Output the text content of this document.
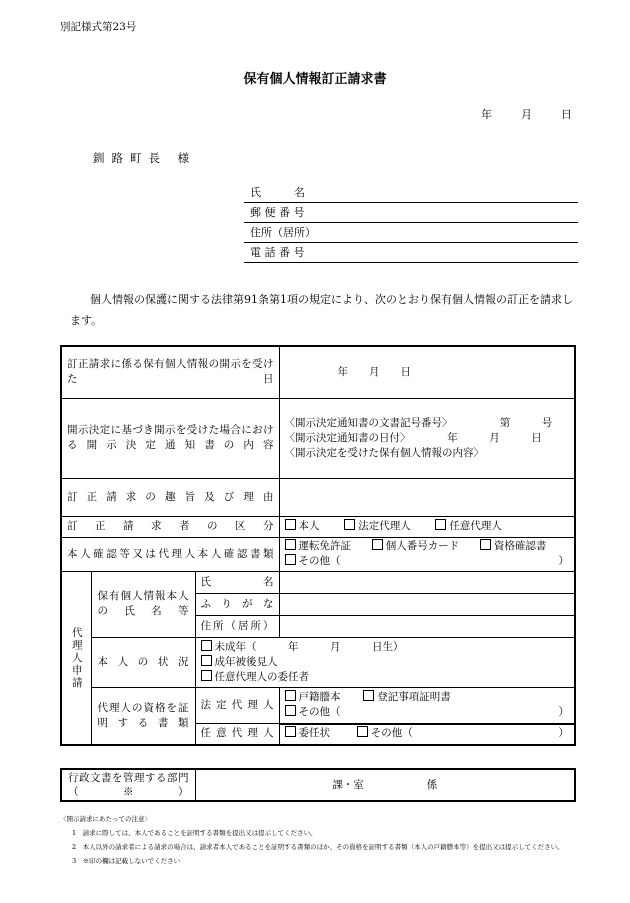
別記様式第23号
保有個人情報訂正請求書
年	月	日
釧路町長 様
氏　　　名
郵 便 番 号
住所（居所）
電 話 番 号
個人情報の保護に関する法律第91条第1項の規定により、次のとおり保有個人情報の訂正を請求します。
訂正請求に係る保有個人情報の開示を受けた日			年　　月　　日
開示決定に基づき開示を受けた場合における開示決定通知書の内容			〈開示決定通知書の文書記号番号〉　　　　　第　　　号
〈開示決定通知書の日付〉　　　　年　　　月　　　日
〈開示決定を受けた保有個人情報の内容〉

訂正請求の趣旨及び理由			
訂正請求者の区分			本人 法定代理人 任意代理人
本人確認等又は代理人本人確認書類			運転免許証 個人番号カード 資格確認書
その他（ ）

代理人申請	保有個人情報本人の氏名等	氏　　名	
		ふ り が な	
		住所（居所）	
	本人の状況	未成年（　　　年　　　月　　　日生）
成年被後見人
任意代理人の委任者	

	代理人の資格を証明する書類	法定代理人	戸籍謄本 登記事項証明書
その他（ ）

		任意代理人		委任状	その他（	）
行政文書を管理する部門（※）	課・室　　　　　　係
〈開示請求にあたっての注意〉
1　請求に際しては、本人であることを証明する書類を提出又は提示してください。
2　本人以外の請求者による請求の場合は、請求者本人であることを証明する書類のほか、その資格を証明する書類（本人の戸籍謄本等）を提出又は提示してください。
3　※印の欄は記載しないでください
